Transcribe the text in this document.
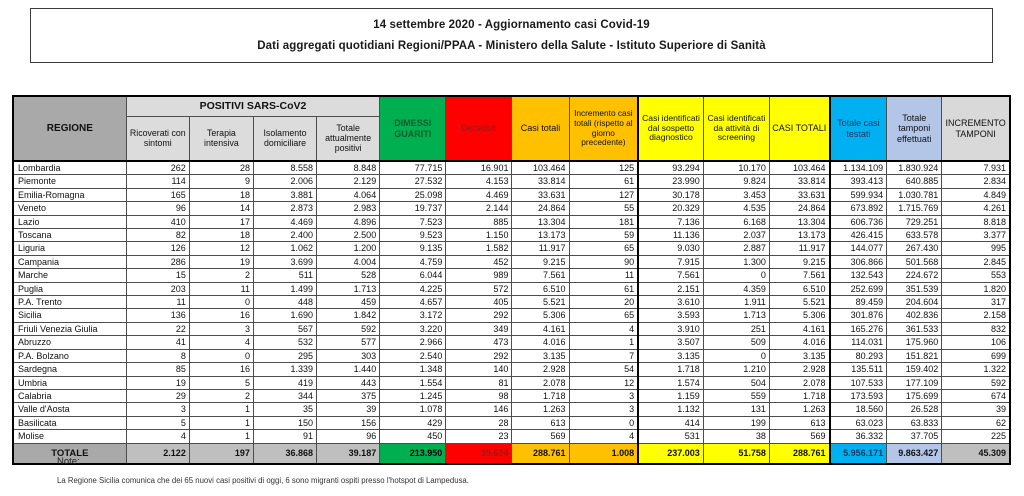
14 settembre 2020 - Aggiornamento casi Covid-19
Dati aggregati quotidiani Regioni/PPAA - Ministero della Salute - Istituto Superiore di Sanità
REGIONE	POSITIVI SARS-CoV2				DIMESSI GUARITI	Deceduti	Casi totali	Incremento casi totali (rispetto al giorno precedente)	Casi identificati dal sospetto diagnostico	Casi identificati da attività di screening	CASI TOTALI	Totale casi testati	Totale tamponi effettuati	INCREMENTO TAMPONI
	Ricoverati con sintomi	Terapia intensiva	Isolamento domiciliare	Totale attualmente positivi										
Lombardia	262	28	8.558	8.848	77.715	16.901	103.464	125	93.294	10.170	103.464	1.134.109	1.830.924	7.931
Piemonte	114	9	2.006	2.129	27.532	4.153	33.814	61	23.990	9.824	33.814	393.413	640.885	2.834
Emilia-Romagna	165	18	3.881	4.064	25.098	4.469	33.631	127	30.178	3.453	33.631	599.934	1.030.781	4.849
Veneto	96	14	2.873	2.983	19.737	2.144	24.864	55	20.329	4.535	24.864	673.892	1.715.769	4.261
Lazio	410	17	4.469	4.896	7.523	885	13.304	181	7.136	6.168	13.304	606.736	729.251	8.818
Toscana	82	18	2.400	2.500	9.523	1.150	13.173	59	11.136	2.037	13.173	426.415	633.578	3.377
Liguria	126	12	1.062	1.200	9.135	1.582	11.917	65	9.030	2.887	11.917	144.077	267.430	995
Campania	286	19	3.699	4.004	4.759	452	9.215	90	7.915	1.300	9.215	306.866	501.568	2.845
Marche	15	2	511	528	6.044	989	7.561	11	7.561	0	7.561	132.543	224.672	553
Puglia	203	11	1.499	1.713	4.225	572	6.510	61	2.151	4.359	6.510	252.699	351.539	1.820
P.A. Trento	11	0	448	459	4.657	405	5.521	20	3.610	1.911	5.521	89.459	204.604	317
Sicilia	136	16	1.690	1.842	3.172	292	5.306	65	3.593	1.713	5.306	301.876	402.836	2.158
Friuli Venezia Giulia	22	3	567	592	3.220	349	4.161	4	3.910	251	4.161	165.276	361.533	832
Abruzzo	41	4	532	577	2.966	473	4.016	1	3.507	509	4.016	114.031	175.960	106
P.A. Bolzano	8	0	295	303	2.540	292	3.135	7	3.135	0	3.135	80.293	151.821	699
Sardegna	85	16	1.339	1.440	1.348	140	2.928	54	1.718	1.210	2.928	135.511	159.402	1.322
Umbria	19	5	419	443	1.554	81	2.078	12	1.574	504	2.078	107.533	177.109	592
Calabria	29	2	344	375	1.245	98	1.718	3	1.159	559	1.718	173.593	175.699	674
Valle d'Aosta	3	1	35	39	1.078	146	1.263	3	1.132	131	1.263	18.560	26.528	39
Basilicata	5	1	150	156	429	28	613	0	414	199	613	63.023	63.833	62
Molise	4	1	91	96	450	23	569	4	531	38	569	36.332	37.705	225
TOTALE	2.122	197	36.868	39.187	213.950	35.624	288.761	1.008	237.003	51.758	288.761	5.956.171	9.863.427	45.309
Note:
La Regione Sicilia comunica che dei 65 nuovi casi positivi di oggi, 6 sono migranti ospiti presso l'hotspot di Lampedusa.
